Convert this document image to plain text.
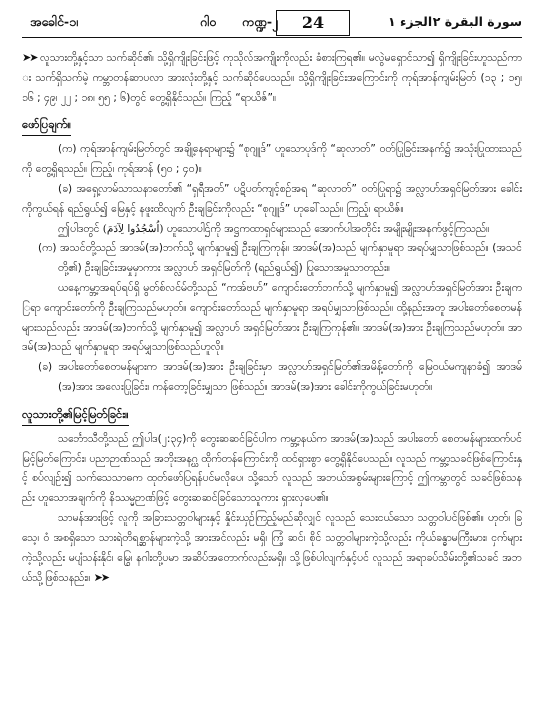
အခေါင်-၁၊	ဂါ၀ ကဏ္ဍ-၂	24	الجزء ١ سورة البقرة ٢

➤➤ လူသားတို့နှင့်သာ သက်ဆိုင်၏၊ သို့ရှိကျိုးခြင်းဖြင့် ကုသိုလ်အကျိုးကိုလည်း ခံစားကြရ၏။ မလွဲမရှောင်သာ၍ ရှိကျိုးခြင်းဟူသည်ကား သက်ရှိသက်မဲ့ ကမ္ဘာတန်ဆာပလာ အားလုံးတို့နှင့် သက်ဆိုင်ပေသည်။ သို့ရှိကျိုးခြင်းအကြောင်းကို ကုရ်အာန်ကျမ်းမြတ် (၁၃ ; ၁၅၊ ၁၆ ; ၄၉၊ ၂၂ ; ၁၈၊ ၅၅ ; ၆)တွင် တွေ့ရှိနိုင်သည်။ ကြည့် “ရာယိဇ်”။

ဖော်ပြချက်။

(က) ကုရ်အာန်ကျမ်းမြတ်တွင် အချို့နေရာများ၌ “စုဂျူဒ်” ဟူသောပုဒ်ကို “ဆုလာတ်” ဝတ်ပြုခြင်းအနက်၌ အသုံးပြုထားသည်ကို တွေ့ရှိရသည်။ ကြည့်၊ ကုရ်အာန် (၅၀ ; ၄၀)။

(ခ) အရှေ့လာမ်သာသနာတော်၏ “ရှရီအတ်” ပဋိပတ်ကျင့်စဉ်အရ “ဆုလာတ်” ဝတ်ပြုရာ၌ အလ္လာဟ်အရှင်မြတ်အား ခေါင်းကိုကွယ်ရန် ရည်ရွယ်၍ မြေနှင့် နဖူးထိလျက် ဦးချခြင်းကိုလည်း “စုဂျူဒ်” ဟုခေါ်သည်။ ကြည့်၊ ရာယိဇ်။

ဤပါဒတွင် (اُسْجُدُوا لِآدَمَ) ဟူသောပါဌ်ကို အဋ္ဌကထာရှင်များသည် အောက်ပါအတိုင်း အမျိုးမျိုးအနက်ဖွင့်ကြသည်။

(က) အသင်တို့သည် အာဒမ်(အ)ဘက်သို့ မျက်နှာမူ၍ ဦးချကြကုန်။ အာဒမ်(အ)သည် မျက်နှာမူရာ အရပ်မျှသာဖြစ်သည်။ (အသင်တို့၏) ဦးချခြင်းအမှုမှာကား အလ္လာဟ် အရှင်မြတ်ကို (ရည်ရွယ်၍) ပြုသောအမှုသာတည်း။

ယနေ့ကမ္ဘာ့အရပ်ရပ်ရှိ မွတ်စ်လင်မ်တို့သည် “ကအ်ဗဟ်” ကျောင်းတော်ဘက်သို့ မျက်နှာမူ၍ အလ္လာဟ်အရှင်မြတ်အား ဦးချကြရာ ကျောင်းတော်ကို ဦးချကြသည်မဟုတ်။ ကျောင်းတော်သည် မျက်နှာမူရာ အရပ်မျှသာဖြစ်သည်။ ထို့နည်းအတူ အပါးတော်စေတမန်များသည်လည်း အာဒမ်(အ)ဘက်သို့ မျက်နှာမူ၍ အလ္လာဟ် အရှင်မြတ်အား ဦးချကြကုန်၏။ အာဒမ်(အ)အား ဦးချကြသည်မဟုတ်။ အာဒမ်(အ)သည် မျက်နှာမူရာ အရပ်မျှသာဖြစ်သည်ဟူလို။

(ခ) အပါးတော်စေတမန်များက အာဒမ်(အ)အား ဦးချခြင်းမှာ အလ္လာဟ်အရှင်မြတ်၏အမိန့်တော်ကို မြေဝယ်မကျနာခံ၍ အာဒမ်(အ)အား အလေးပြုခြင်း၊ ကန်တော့ခြင်းမျှသာ ဖြစ်သည်။ အာဒမ်(အ)အား ခေါင်းကိုကွယ်ခြင်းမဟုတ်။

လူသားတို့၏မြင့်မြတ်ခြင်း။

သင်္ဘောသီတို့သည် ဤပါဒ(၂:၃၄)ကို တွေးဆဆင်ခြင်ပါက ကမ္ဘာ့နယ်က အာဒမ်(အ)သည် အပါးတော် စေတမန်များထက်ပင် မြင့်မြတ်ကြောင်း၊ ပညာဉာဏ်သည် အဘိုးအနဂ္ဃ ထိုက်တန်ကြောင်းကို ထင်ရှားစွာ တွေ့ရှိနိုင်ပေသည်။ လူသည် ကမ္ဘာ့သခင်ဖြစ်ကြောင်းနှင့် စပ်လျဉ်း၍ သက်သေသာဓက ထုတ်ဖော်ပြရန်ပင်မလိုပေ၊ သို့သော် လူသည် အဘယ်အစွမ်းများကြောင့် ဤကမ္ဘာတွင် သခင်ဖြစ်သနည်း ဟူသောအချက်ကို နိဿမ္မဉာဏ်ဖြင့် တွေးဆဆင်ခြင်သောသူကား ရှားလှပေ၏။

သာမန်အားဖြင့် လူကို အခြားသတ္တဝါများနှင့် နှိုင်းယှဉ်ကြည့်မည်ဆိုလျှင် လူသည် သေးငယ်သော သတ္တဝါပင်ဖြစ်၏။ ဟုတ်၊ ခြသေ့၊ ဝံ အစရှိသော သားရဲတိရစ္ဆာန်များကဲ့သို့ အားအင်လည်း မရှိ၊ ကြံ့ ဆင်၊ စိုင် သတ္တဝါများကဲ့သို့လည်း ကိုယ်ခန္ဓာမကြီးမား၊ ငှက်များကဲ့သို့လည်း မပျံသန်းနိုင်၊ မြွေ၊ နဂါးတို့ပမာ အဆိပ်အတောက်လည်းမရှိ။ သို့ဖြစ်ပါလျက်နှင့်ပင် လူသည် အရာခပ်သိမ်းတို့၏သခင် အဘယ်သို့ဖြစ်သနည်း။ ➤➤
